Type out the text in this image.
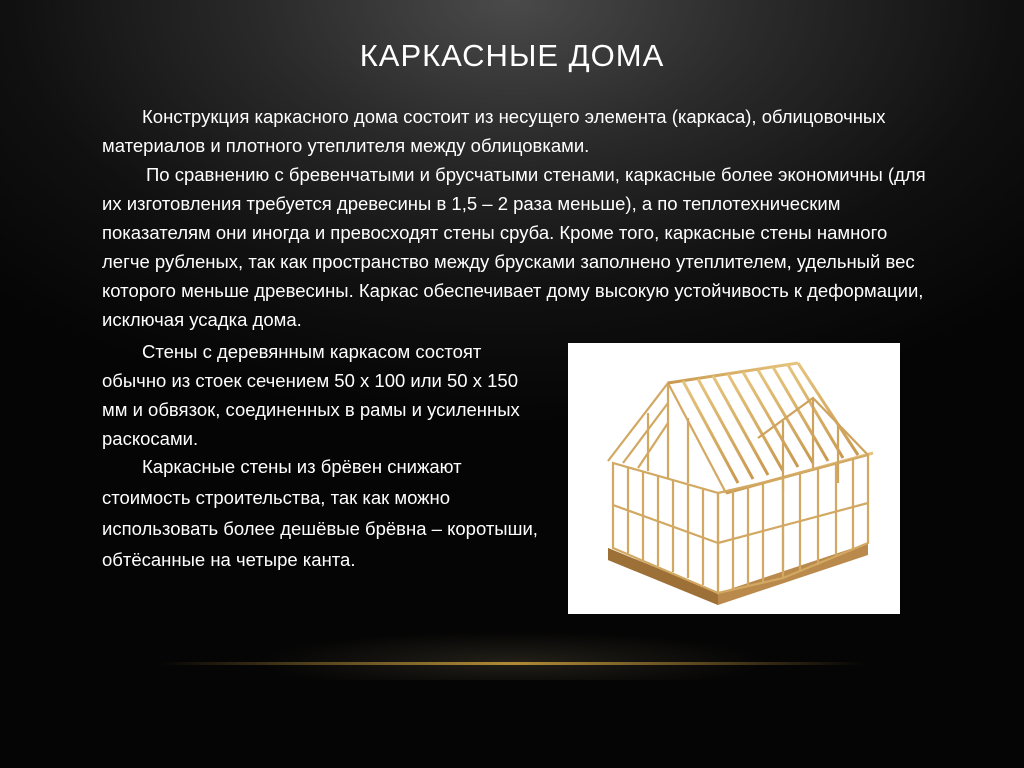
КАРКАСНЫЕ ДОМА

Конструкция каркасного дома состоит из несущего элемента (каркаса), облицовочных материалов и плотного утеплителя между облицовками.

По сравнению с бревенчатыми и брусчатыми стенами, каркасные более экономичны (для их изготовления требуется древесины в 1,5 – 2 раза меньше), а по теплотехническим показателям они иногда и превосходят стены сруба. Кроме того, каркасные стены намного легче рубленых, так как пространство между брусками заполнено утеплителем, удельный вес которого меньше древесины. Каркас обеспечивает дому высокую устойчивость к деформации, исключая усадка дома.

Стены с деревянным каркасом состоят обычно из стоек сечением 50 х 100 или 50 х 150 мм и обвязок, соединенных в рамы и усиленных раскосами.

Каркасные стены из брёвен снижают стоимость строительства, так как можно использовать более дешёвые брёвна – коротыши, обтёсанные на четыре канта.
